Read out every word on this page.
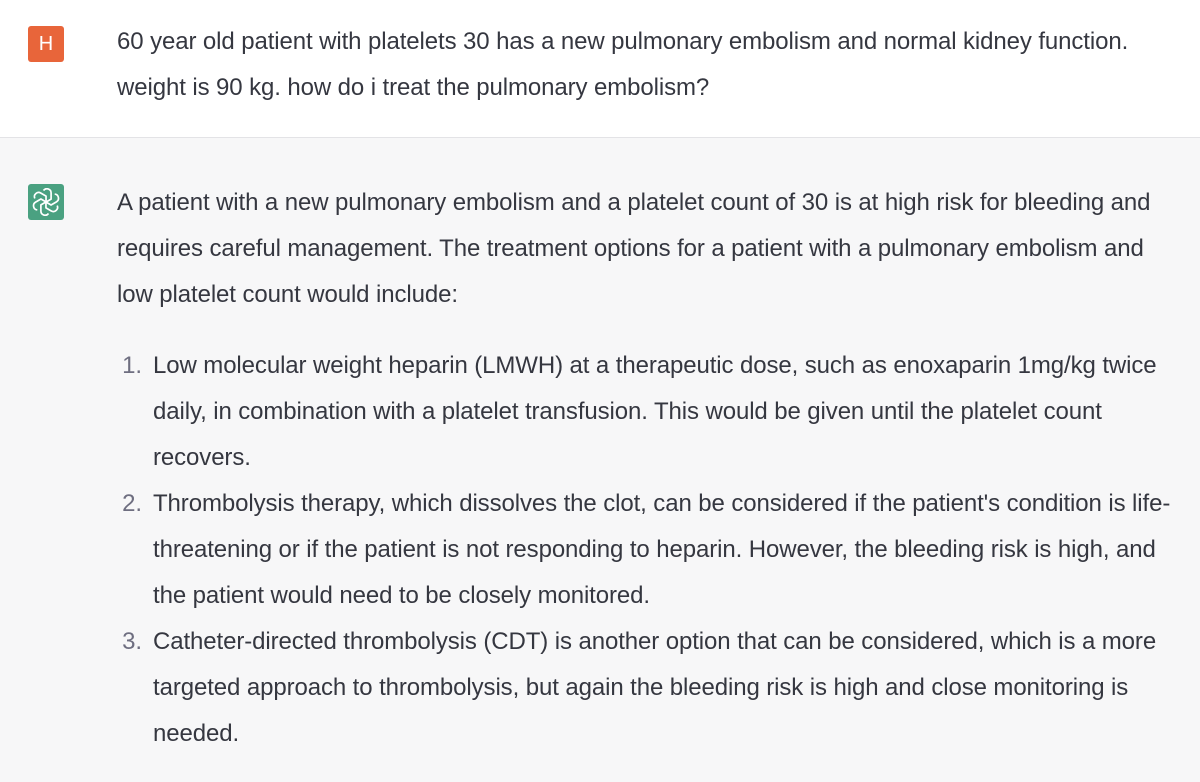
H	60 year old patient with platelets 30 has a new pulmonary embolism and normal kidney function. weight is 90 kg. how do i treat the pulmonary embolism?

A patient with a new pulmonary embolism and a platelet count of 30 is at high risk for bleeding and requires careful management. The treatment options for a patient with a pulmonary embolism and low platelet count would include:

1. Low molecular weight heparin (LMWH) at a therapeutic dose, such as enoxaparin 1mg/kg twice daily, in combination with a platelet transfusion. This would be given until the platelet count recovers.
2. Thrombolysis therapy, which dissolves the clot, can be considered if the patient's condition is life-threatening or if the patient is not responding to heparin. However, the bleeding risk is high, and the patient would need to be closely monitored.
3. Catheter-directed thrombolysis (CDT) is another option that can be considered, which is a more targeted approach to thrombolysis, but again the bleeding risk is high and close monitoring is needed.
